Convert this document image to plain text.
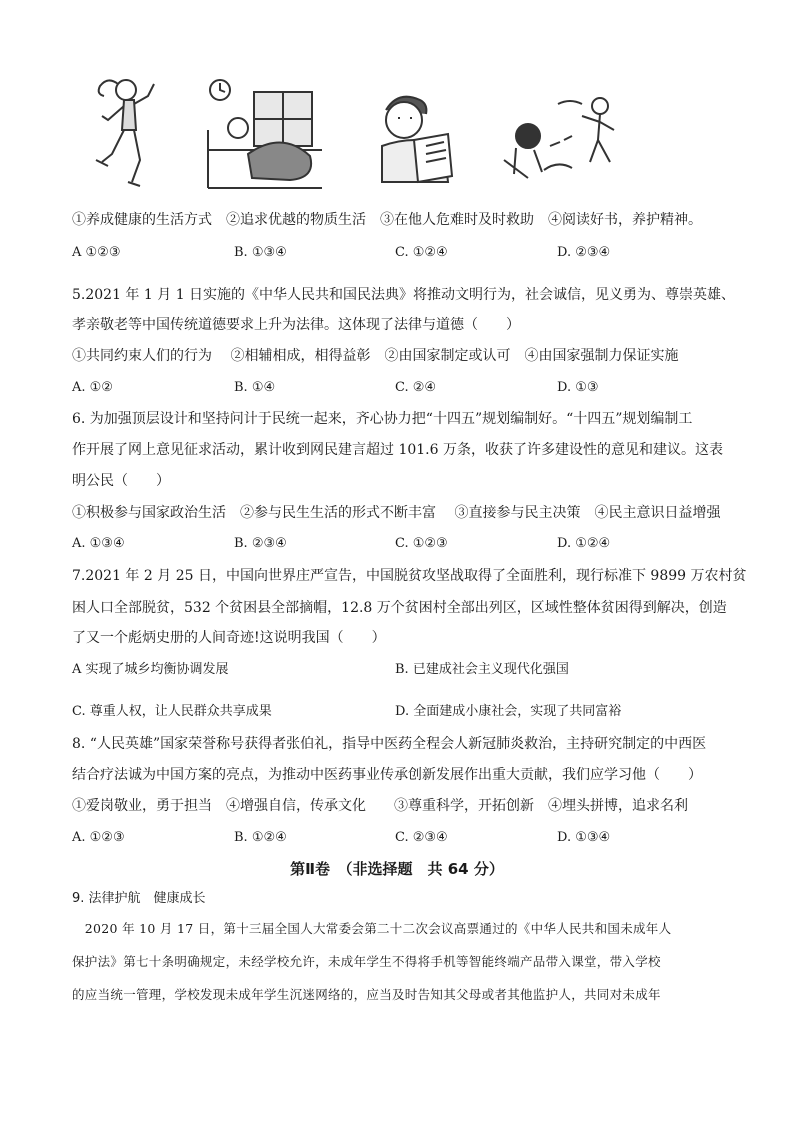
①养成健康的生活方式　②追求优越的物质生活　③在他人危难时及时救助　④阅读好书，养护精神。
A ①②③	B. ①③④	C. ①②④	D. ②③④
5.2021 年 1 月 1 日实施的《中华人民共和国民法典》将推动文明行为，社会诚信，见义勇为、尊崇英雄、
孝亲敬老等中国传统道德要求上升为法律。这体现了法律与道德（　　）
①共同约束人们的行为　 ②相辅相成，相得益彰　②由国家制定或认可　④由国家强制力保证实施
A. ①②	B. ①④	C. ②④	D. ①③
6. 为加强顶层设计和坚持问计于民统一起来，齐心协力把“十四五”规划编制好。“十四五”规划编制工
作开展了网上意见征求活动，累计收到网民建言超过 101.6 万条，收获了许多建设性的意见和建议。这表
明公民（　　）
①积极参与国家政治生活　②参与民生生活的形式不断丰富　 ③直接参与民主决策　④民主意识日益增强
A. ①③④	B. ②③④	C. ①②③	D. ①②④
7.2021 年 2 月 25 日，中国向世界庄严宣告，中国脱贫攻坚战取得了全面胜利，现行标准下 9899 万农村贫
困人口全部脱贫，532 个贫困县全部摘帽，12.8 万个贫困村全部出列区，区域性整体贫困得到解决，创造
了又一个彪炳史册的人间奇迹!这说明我国（　　）
A 实现了城乡均衡协调发展	B. 已建成社会主义现代化强国
C. 尊重人权，让人民群众共享成果	D. 全面建成小康社会，实现了共同富裕
8. “人民英雄”国家荣誉称号获得者张伯礼，指导中医药全程会人新冠肺炎救治，主持研究制定的中西医
结合疗法诚为中国方案的亮点，为推动中医药事业传承创新发展作出重大贡献，我们应学习他（　　）
①爱岗敬业，勇于担当　④增强自信，传承文化　　③尊重科学，开拓创新　④埋头拼博，追求名利
A. ①②③	B. ①②④	C. ②③④	D. ①③④
第Ⅱ卷　（非选择题　共 64 分）
9. 法律护航　健康成长
　2020 年 10 月 17 日，第十三届全国人大常委会第二十二次会议高票通过的《中华人民共和国未成年人
保护法》第七十条明确规定，未经学校允许，未成年学生不得将手机等智能终端产品带入课堂，带入学校
的应当统一管理，学校发现未成年学生沉迷网络的，应当及时告知其父母或者其他监护人，共同对未成年
